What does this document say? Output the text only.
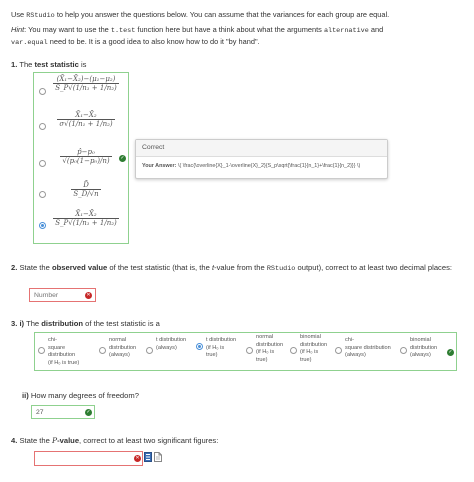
Use RStudio to help you answer the questions below. You can assume that the variances for each group are equal.

Hint: You may want to use the t.test function here but have a think about what the arguments alternative and
var.equal need to be. It is a good idea to also know how to do it "by hand".

1. The test statistic is
$\frac{\text{(X̄₁−X̄₂)−(μ₁−μ₂)}}{\text{S\_P√(1/n₁ + 1/n₂)}}$
$\frac{\text{X̄₁−X̄₂}}{\text{σ√(1/n₁ + 1/n₂)}}$
$\frac{\text{p̂−p₀}}{\text{√(p₀(1−p₀)/n)}}$
$\frac{D̄}{S\_D/√n}$
$\frac{\text{X̄₁−X̄₂}}{\text{S\_P√(1/n₁ + 1/n₂)}}$
✓
Correct
Your Answer: \( \frac{\overline{X}_1-\overline{X}_2}{S_p\sqrt{\frac{1}{n_1}+\frac{1}{n_2}}} \)
2. State the observed value of the test statistic (that is, the t-value from the RStudio output), correct to at least two decimal places:
Number
✕
3. i) The distribution of the test statistic is a
chi-
square distribution
(if H₀ is true)
normal
distribution
(always)
t distribution
(always)
t distribution
(if H₀ is
true)
normal
distribution
(if H₀ is
true)
binomial
distribution
(if H₀ is
true)
chi-
square distribution
(always)
binomial
distribution
(always)
✓
ii) How many degrees of freedom?
27	✓
4. State the P-value, correct to at least two significant figures:
✕
